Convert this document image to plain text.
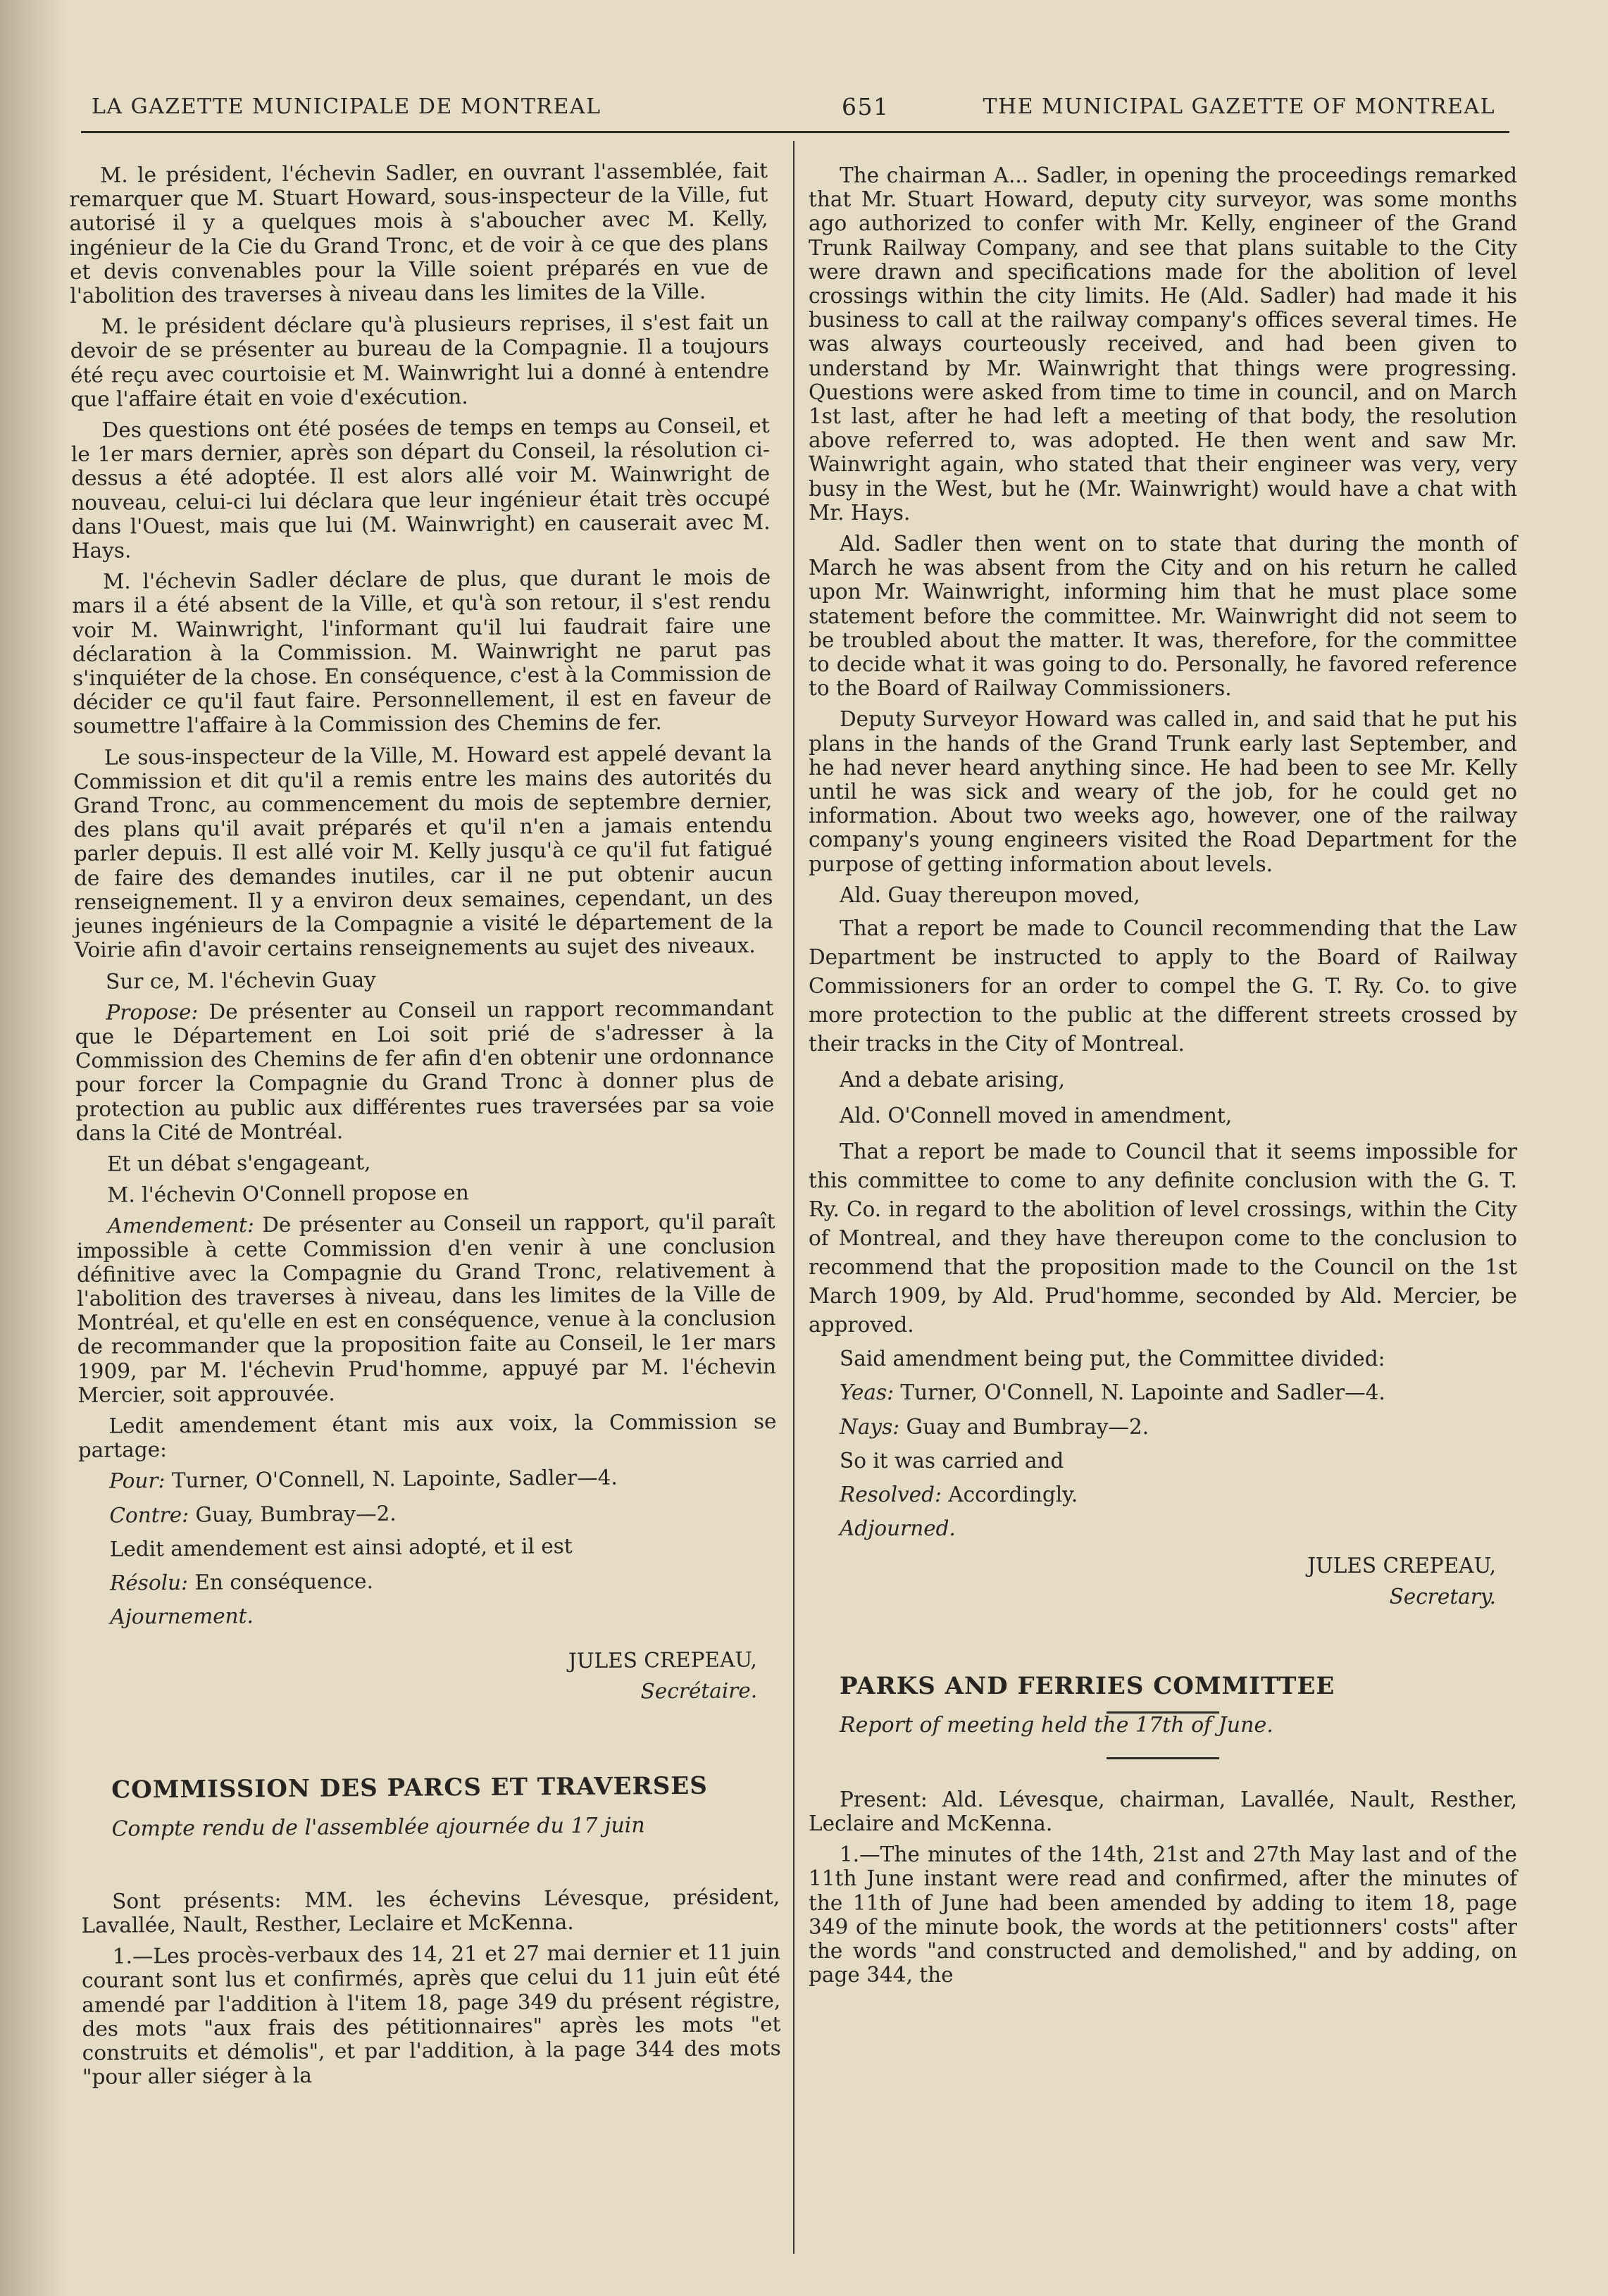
LA GAZETTE MUNICIPALE DE MONTREAL	651	THE MUNICIPAL GAZETTE OF MONTREAL

M. le président, l'échevin Sadler, en ouvrant l'assemblée, fait remarquer que M. Stuart Howard, sous-inspecteur de la Ville, fut autorisé il y a quelques mois à s'aboucher avec M. Kelly, ingénieur de la Cie du Grand Tronc, et de voir à ce que des plans et devis convenables pour la Ville soient préparés en vue de l'abolition des traverses à niveau dans les limites de la Ville.

M. le président déclare qu'à plusieurs reprises, il s'est fait un devoir de se présenter au bureau de la Compagnie. Il a toujours été reçu avec courtoisie et M. Wainwright lui a donné à entendre que l'affaire était en voie d'exécution.

Des questions ont été posées de temps en temps au Conseil, et le 1er mars dernier, après son départ du Conseil, la résolution ci-dessus a été adoptée. Il est alors allé voir M. Wainwright de nouveau, celui-ci lui déclara que leur ingénieur était très occupé dans l'Ouest, mais que lui (M. Wainwright) en causerait avec M. Hays.

M. l'échevin Sadler déclare de plus, que durant le mois de mars il a été absent de la Ville, et qu'à son retour, il s'est rendu voir M. Wainwright, l'informant qu'il lui faudrait faire une déclaration à la Commission. M. Wainwright ne parut pas s'inquiéter de la chose. En conséquence, c'est à la Commission de décider ce qu'il faut faire. Personnellement, il est en faveur de soumettre l'affaire à la Commission des Chemins de fer.

Le sous-inspecteur de la Ville, M. Howard est appelé devant la Commission et dit qu'il a remis entre les mains des autorités du Grand Tronc, au commencement du mois de septembre dernier, des plans qu'il avait préparés et qu'il n'en a jamais entendu parler depuis. Il est allé voir M. Kelly jusqu'à ce qu'il fut fatigué de faire des demandes inutiles, car il ne put obtenir aucun renseignement. Il y a environ deux semaines, cependant, un des jeunes ingénieurs de la Compagnie a visité le département de la Voirie afin d'avoir certains renseignements au sujet des niveaux.

Sur ce, M. l'échevin Guay

Propose: De présenter au Conseil un rapport recommandant que le Département en Loi soit prié de s'adresser à la Commission des Chemins de fer afin d'en obtenir une ordonnance pour forcer la Compagnie du Grand Tronc à donner plus de protection au public aux différentes rues traversées par sa voie dans la Cité de Montréal.

Et un débat s'engageant,

M. l'échevin O'Connell propose en

Amendement: De présenter au Conseil un rapport, qu'il paraît impossible à cette Commission d'en venir à une conclusion définitive avec la Compagnie du Grand Tronc, relativement à l'abolition des traverses à niveau, dans les limites de la Ville de Montréal, et qu'elle en est en conséquence, venue à la conclusion de recommander que la proposition faite au Conseil, le 1er mars 1909, par M. l'échevin Prud'homme, appuyé par M. l'échevin Mercier, soit approuvée.

Ledit amendement étant mis aux voix, la Commission se partage:

Pour: Turner, O'Connell, N. Lapointe, Sadler—4.

Contre: Guay, Bumbray—2.

Ledit amendement est ainsi adopté, et il est

Résolu: En conséquence.

Ajournement.

JULES CREPEAU,
Secrétaire.

COMMISSION DES PARCS ET TRAVERSES

Compte rendu de l'assemblée ajournée du 17 juin

Sont présents: MM. les échevins Lévesque, président, Lavallée, Nault, Resther, Leclaire et McKenna.

1.—Les procès-verbaux des 14, 21 et 27 mai dernier et 11 juin courant sont lus et confirmés, après que celui du 11 juin eût été amendé par l'addition à l'item 18, page 349 du présent régistre, des mots "aux frais des pétitionnaires" après les mots "et construits et démolis", et par l'addition, à la page 344 des mots "pour aller siéger à la

The chairman A... Sadler, in opening the proceedings remarked that Mr. Stuart Howard, deputy city surveyor, was some months ago authorized to confer with Mr. Kelly, engineer of the Grand Trunk Railway Company, and see that plans suitable to the City were drawn and specifications made for the abolition of level crossings within the city limits. He (Ald. Sadler) had made it his business to call at the railway company's offices several times. He was always courteously received, and had been given to understand by Mr. Wainwright that things were progressing. Questions were asked from time to time in council, and on March 1st last, after he had left a meeting of that body, the resolution above referred to, was adopted. He then went and saw Mr. Wainwright again, who stated that their engineer was very, very busy in the West, but he (Mr. Wainwright) would have a chat with Mr. Hays.

Ald. Sadler then went on to state that during the month of March he was absent from the City and on his return he called upon Mr. Wainwright, informing him that he must place some statement before the committee. Mr. Wainwright did not seem to be troubled about the matter. It was, therefore, for the committee to decide what it was going to do. Personally, he favored reference to the Board of Railway Commissioners.

Deputy Surveyor Howard was called in, and said that he put his plans in the hands of the Grand Trunk early last September, and he had never heard anything since. He had been to see Mr. Kelly until he was sick and weary of the job, for he could get no information. About two weeks ago, however, one of the railway company's young engineers visited the Road Department for the purpose of getting information about levels.

Ald. Guay thereupon moved,

That a report be made to Council recommending that the Law Department be instructed to apply to the Board of Railway Commissioners for an order to compel the G. T. Ry. Co. to give more protection to the public at the different streets crossed by their tracks in the City of Montreal.

And a debate arising,

Ald. O'Connell moved in amendment,

That a report be made to Council that it seems impossible for this committee to come to any definite conclusion with the G. T. Ry. Co. in regard to the abolition of level crossings, within the City of Montreal, and they have thereupon come to the conclusion to recommend that the proposition made to the Council on the 1st March 1909, by Ald. Prud'homme, seconded by Ald. Mercier, be approved.

Said amendment being put, the Committee divided:

Yeas: Turner, O'Connell, N. Lapointe and Sadler—4.

Nays: Guay and Bumbray—2.

So it was carried and

Resolved: Accordingly.

Adjourned.

JULES CREPEAU,
Secretary.

PARKS AND FERRIES COMMITTEE

Report of meeting held the 17th of June.

Present: Ald. Lévesque, chairman, Lavallée, Nault, Resther, Leclaire and McKenna.

1.—The minutes of the 14th, 21st and 27th May last and of the 11th June instant were read and confirmed, after the minutes of the 11th of June had been amended by adding to item 18, page 349 of the minute book, the words at the petitionners' costs" after the words "and constructed and demolished," and by adding, on page 344, the
